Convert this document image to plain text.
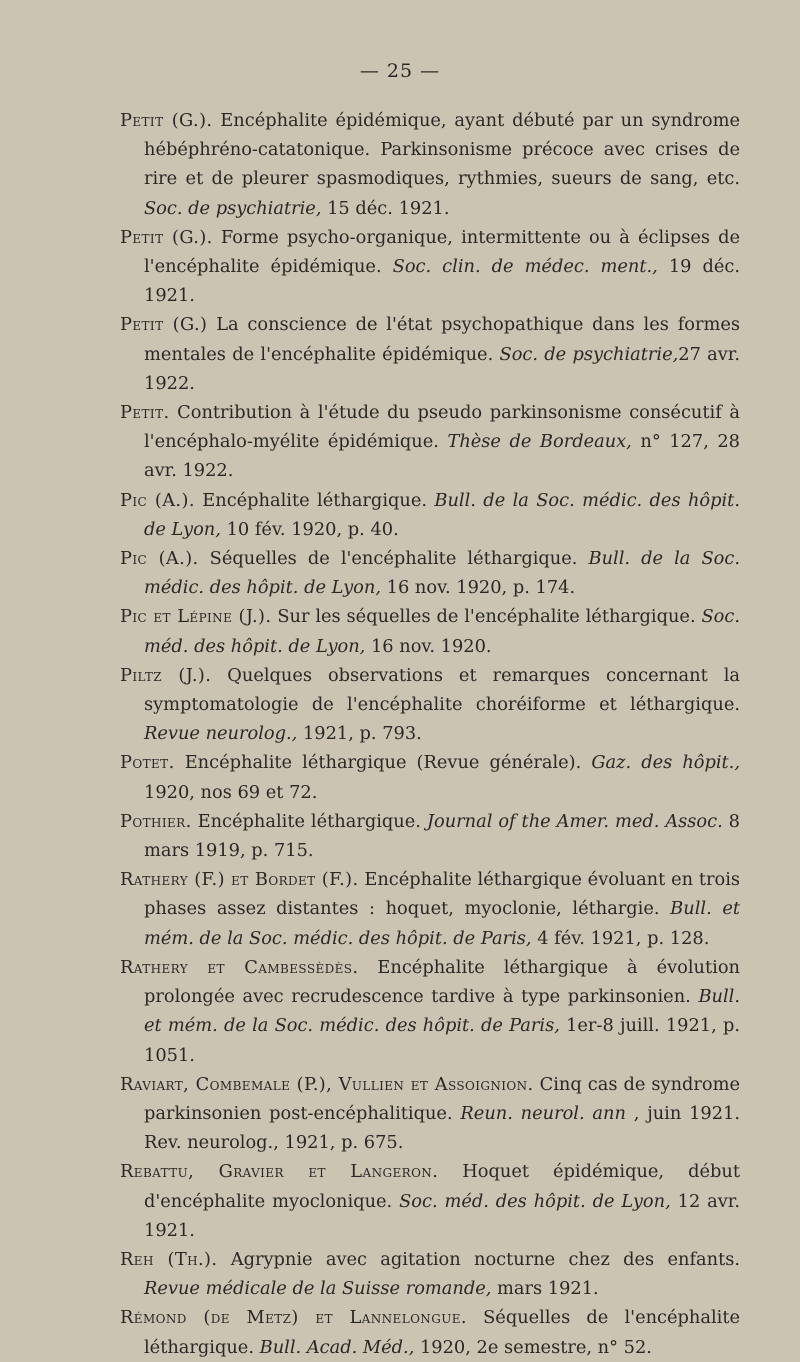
— 25 —

Petit (G.). Encéphalite épidémique, ayant débuté par un syndrome hébéphréno-catatonique. Parkinsonisme précoce avec crises de rire et de pleurer spasmodiques, rythmies, sueurs de sang, etc. Soc. de psychiatrie, 15 déc. 1921.

Petit (G.). Forme psycho-organique, intermittente ou à éclipses de l'encéphalite épidémique. Soc. clin. de médec. ment., 19 déc. 1921.

Petit (G.) La conscience de l'état psychopathique dans les formes mentales de l'encéphalite épidémique. Soc. de psychiatrie,27 avr. 1922.

Petit. Contribution à l'étude du pseudo parkinsonisme consécutif à l'encéphalo-myélite épidémique. Thèse de Bordeaux, n° 127, 28 avr. 1922.

Pic (A.). Encéphalite léthargique. Bull. de la Soc. médic. des hôpit. de Lyon, 10 fév. 1920, p. 40.

Pic (A.). Séquelles de l'encéphalite léthargique. Bull. de la Soc. médic. des hôpit. de Lyon, 16 nov. 1920, p. 174.

Pic et Lépine (J.). Sur les séquelles de l'encéphalite léthargique. Soc. méd. des hôpit. de Lyon, 16 nov. 1920.

Piltz (J.). Quelques observations et remarques concernant la symptomatologie de l'encéphalite choréiforme et léthargique. Revue neurolog., 1921, p. 793.

Potet. Encéphalite léthargique (Revue générale). Gaz. des hôpit., 1920, nos 69 et 72.

Pothier. Encéphalite léthargique. Journal of the Amer. med. Assoc. 8 mars 1919, p. 715.

Rathery (F.) et Bordet (F.). Encéphalite léthargique évoluant en trois phases assez distantes : hoquet, myoclonie, léthargie. Bull. et mém. de la Soc. médic. des hôpit. de Paris, 4 fév. 1921, p. 128.

Rathery et Cambessèdès. Encéphalite léthargique à évolution prolongée avec recrudescence tardive à type parkinsonien. Bull. et mém. de la Soc. médic. des hôpit. de Paris, 1er-8 juill. 1921, p. 1051.

Raviart, Combemale (P.), Vullien et Assoignion. Cinq cas de syndrome parkinsonien post-encéphalitique. Reun. neurol. ann , juin 1921. Rev. neurolog., 1921, p. 675.

Rebattu, Gravier et Langeron. Hoquet épidémique, début d'encéphalite myoclonique. Soc. méd. des hôpit. de Lyon, 12 avr. 1921.

Reh (Th.). Agrypnie avec agitation nocturne chez des enfants. Revue médicale de la Suisse romande, mars 1921.

Rémond (de Metz) et Lannelongue. Séquelles de l'encéphalite léthargique. Bull. Acad. Méd., 1920, 2e semestre, n° 52.
